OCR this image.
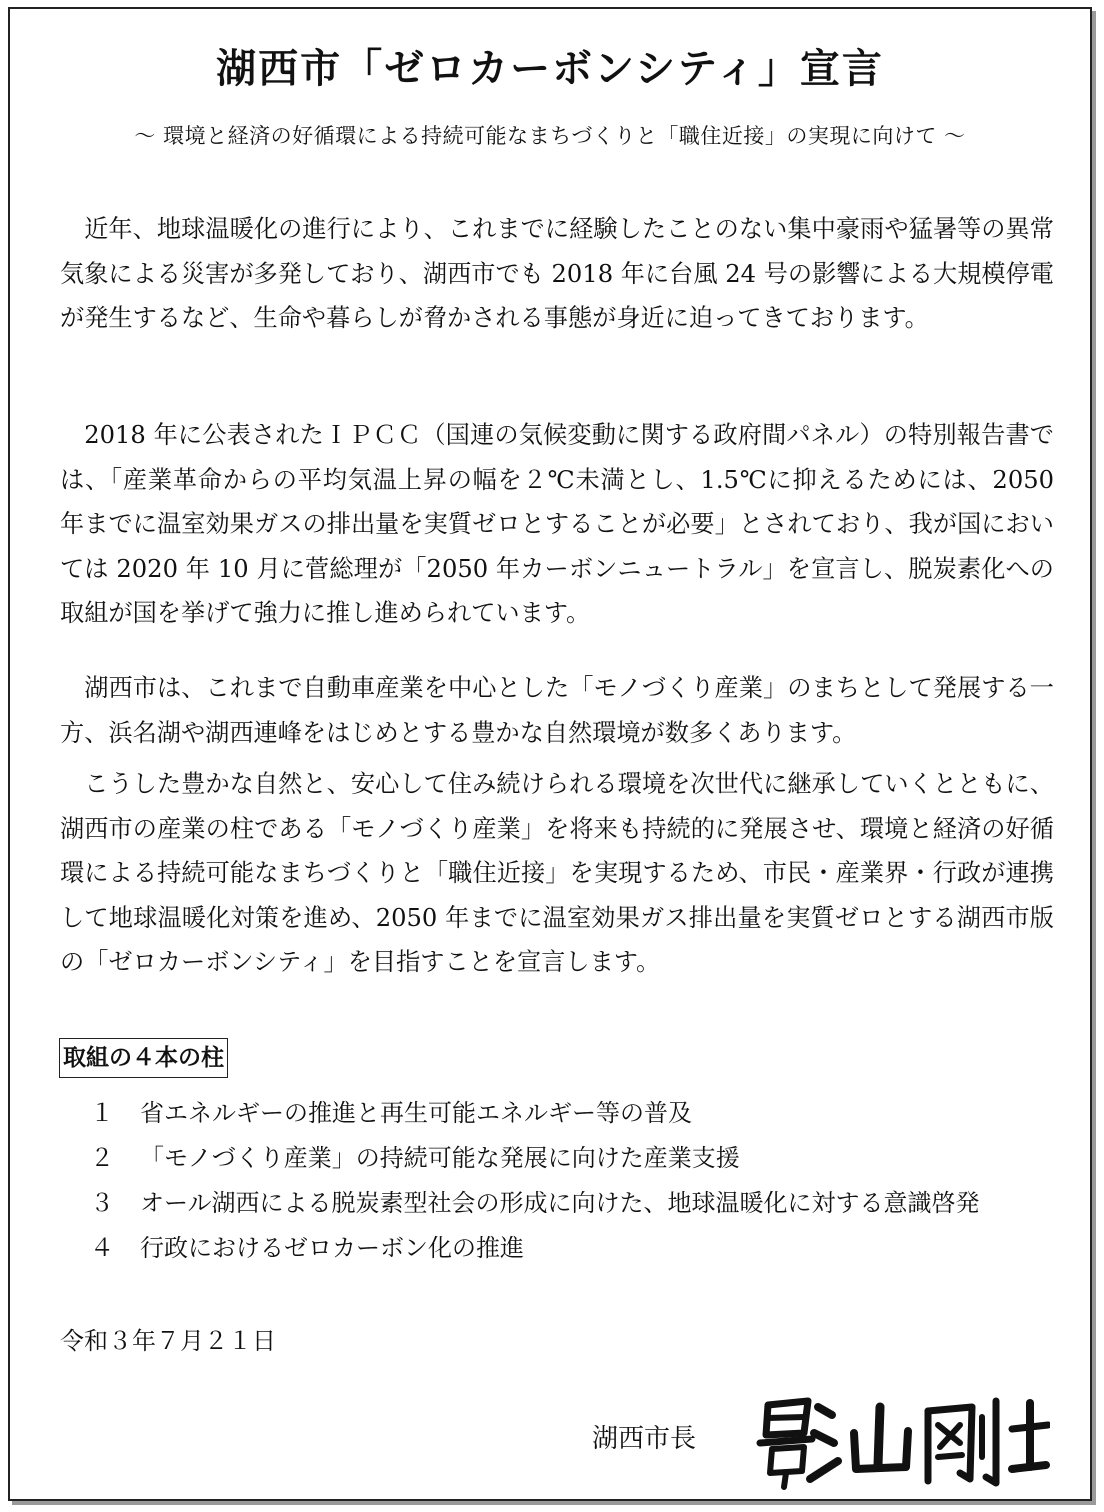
湖西市「ゼロカーボンシティ」宣言
～ 環境と経済の好循環による持続可能なまちづくりと「職住近接」の実現に向けて ～

近年、地球温暖化の進行により、これまでに経験したことのない集中豪雨や猛暑等の異常気象による災害が多発しており、湖西市でも 2018 年に台風 24 号の影響による大規模停電が発生するなど、生命や暮らしが脅かされる事態が身近に迫ってきております。

2018 年に公表されたＩＰＣＣ（国連の気候変動に関する政府間パネル）の特別報告書では、「産業革命からの平均気温上昇の幅を２℃未満とし、1.5℃に抑えるためには、2050 年までに温室効果ガスの排出量を実質ゼロとすることが必要」とされており、我が国においては 2020 年 10 月に菅総理が「2050 年カーボンニュートラル」を宣言し、脱炭素化への取組が国を挙げて強力に推し進められています。

湖西市は、これまで自動車産業を中心とした「モノづくり産業」のまちとして発展する一方、浜名湖や湖西連峰をはじめとする豊かな自然環境が数多くあります。

こうした豊かな自然と、安心して住み続けられる環境を次世代に継承していくとともに、湖西市の産業の柱である「モノづくり産業」を将来も持続的に発展させ、環境と経済の好循環による持続可能なまちづくりと「職住近接」を実現するため、市民・産業界・行政が連携して地球温暖化対策を進め、2050 年までに温室効果ガス排出量を実質ゼロとする湖西市版の「ゼロカーボンシティ」を目指すことを宣言します。

取組の４本の柱
１	省エネルギーの推進と再生可能エネルギー等の普及
２	「モノづくり産業」の持続可能な発展に向けた産業支援
３	オール湖西による脱炭素型社会の形成に向けた、地球温暖化に対する意識啓発
４	行政におけるゼロカーボン化の推進
令和３年７月２１日
湖西市長
